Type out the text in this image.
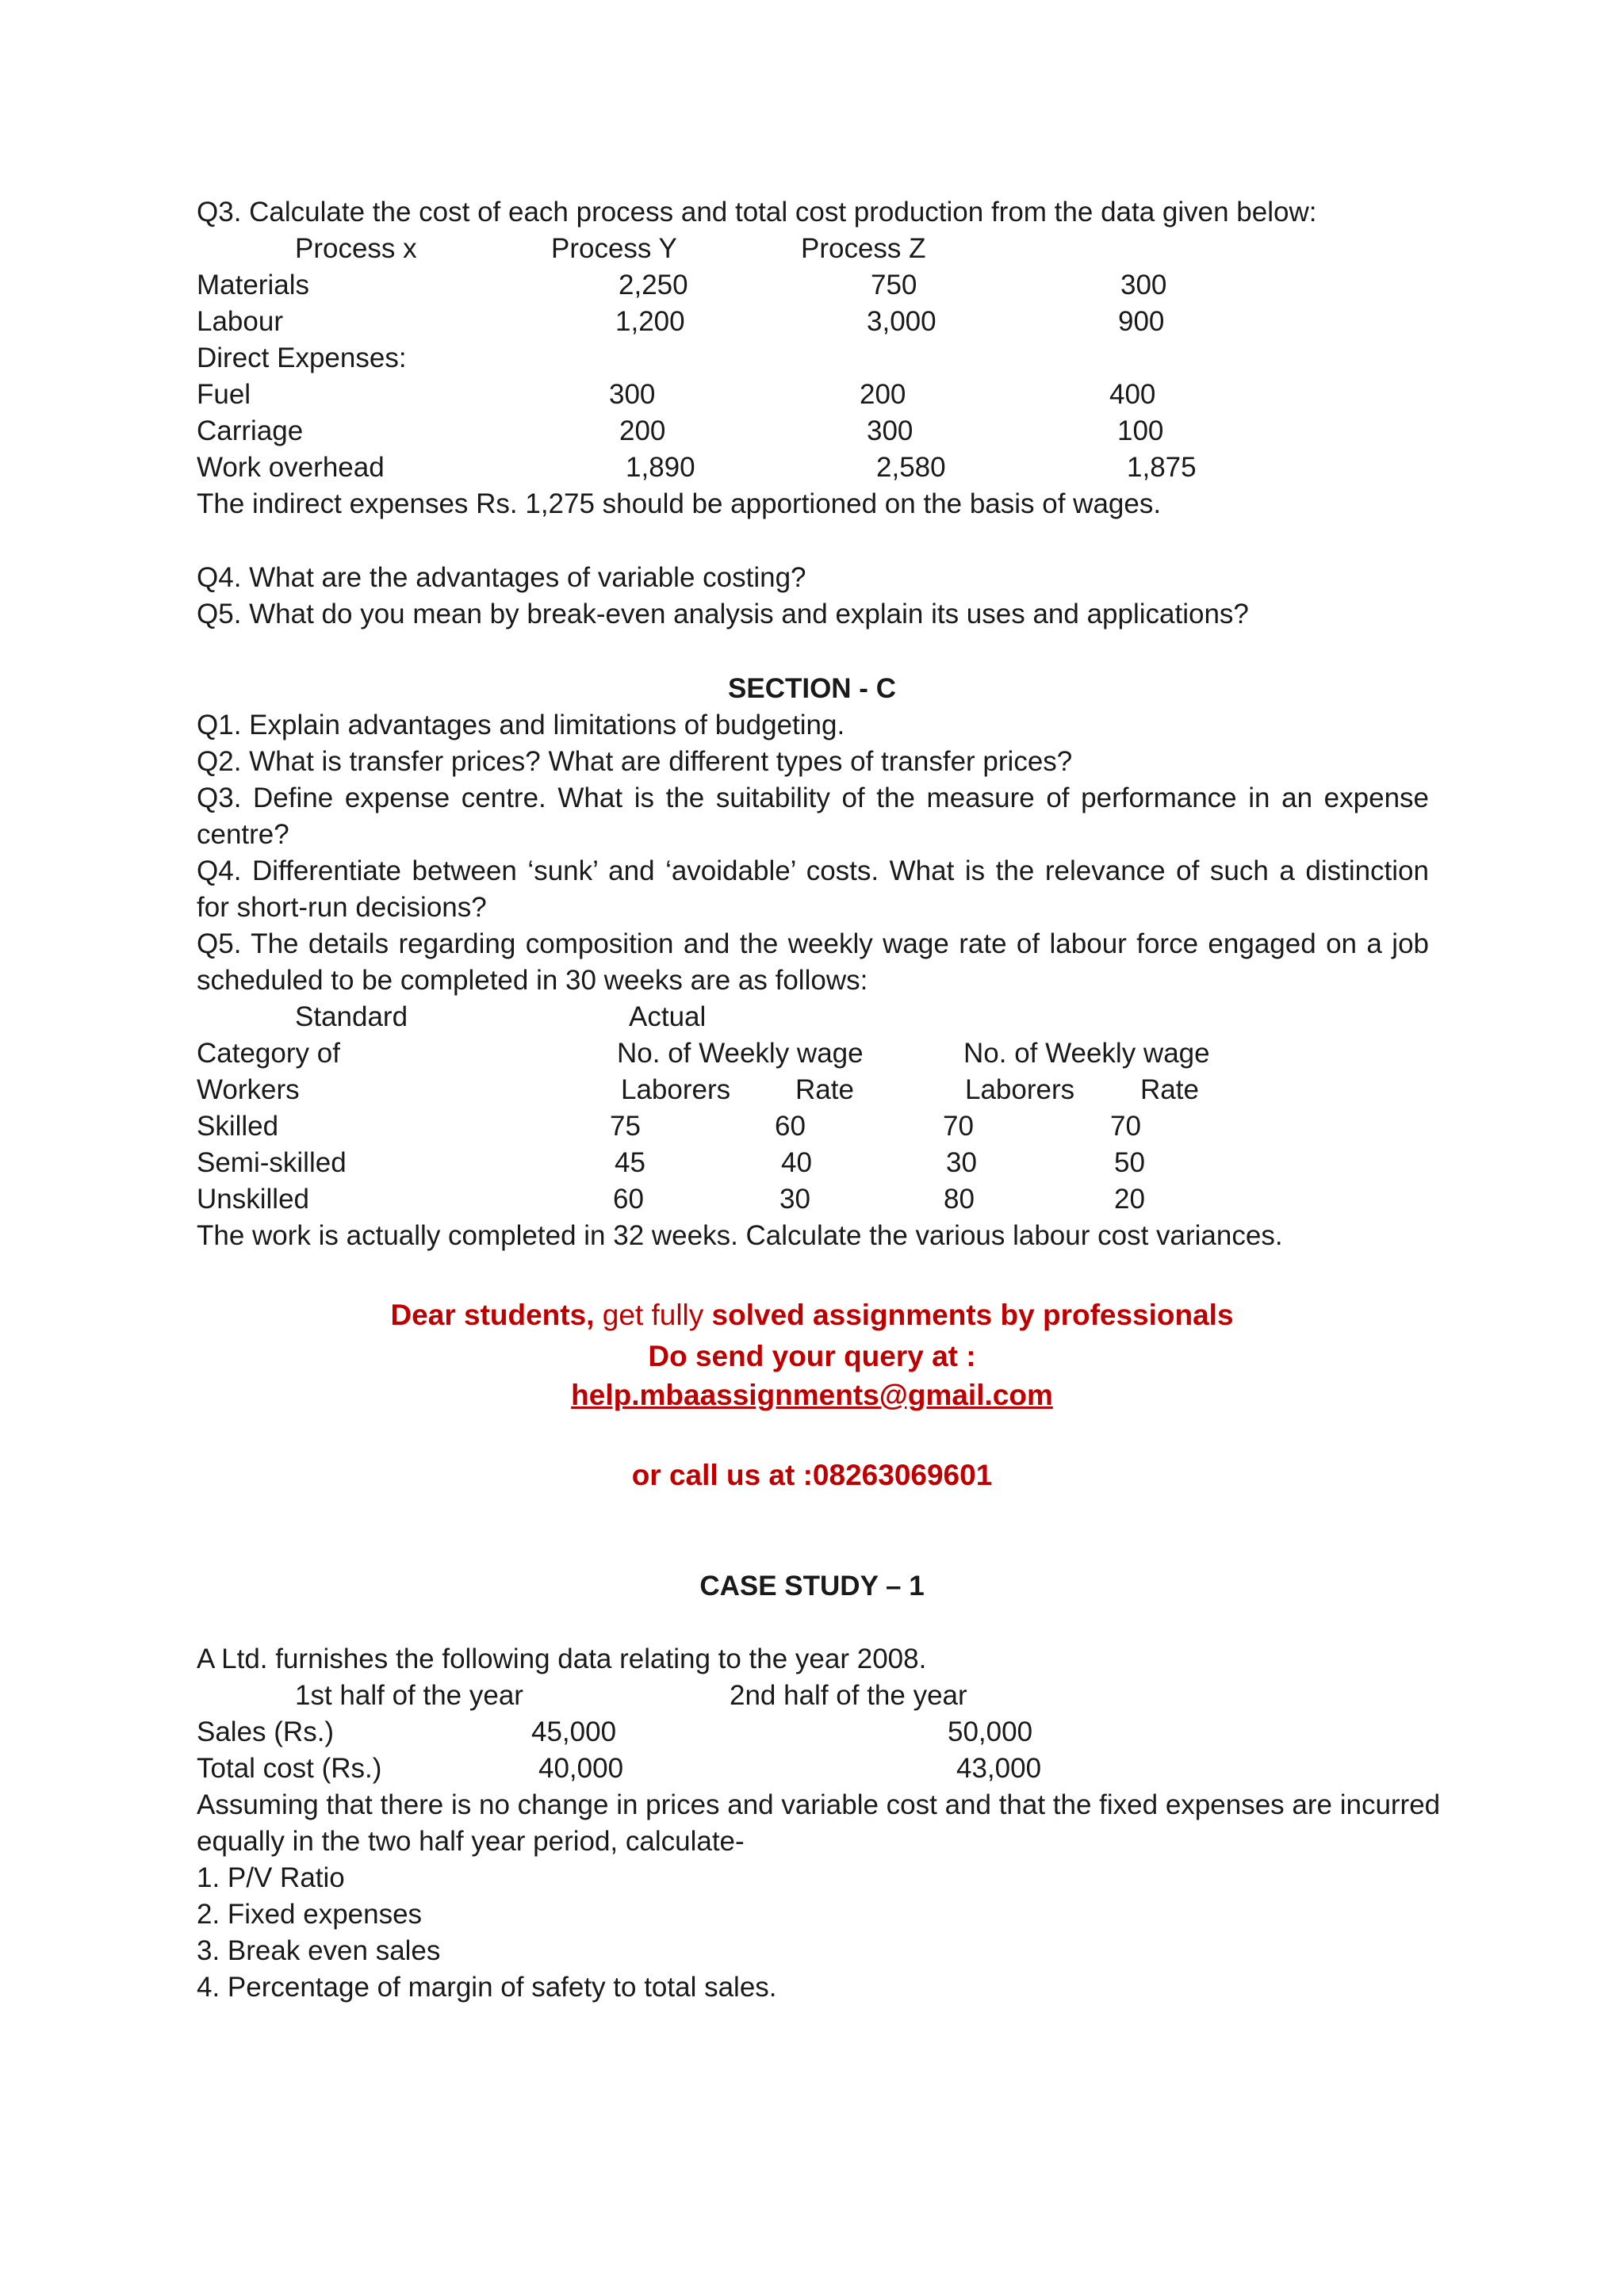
Q3. Calculate the cost of each process and total cost production from the data given below:
Process x	Process Y	Process Z
Materials	2,250	750	300
Labour	1,200	3,000	900
Direct Expenses:
Fuel	300	200	400
Carriage	200	300	100
Work overhead	1,890	2,580	1,875
The indirect expenses Rs. 1,275 should be apportioned on the basis of wages.
Q4. What are the advantages of variable costing?
Q5. What do you mean by break-even analysis and explain its uses and applications?
SECTION - C
Q1. Explain advantages and limitations of budgeting.
Q2. What is transfer prices? What are different types of transfer prices?
Q3. Define expense centre. What is the suitability of the measure of performance in an expense
centre?
Q4. Differentiate between ‘sunk’ and ‘avoidable’ costs. What is the relevance of such a distinction
for short-run decisions?
Q5. The details regarding composition and the weekly wage rate of labour force engaged on a job
scheduled to be completed in 30 weeks are as follows:
Standard	Actual
Category of	No. of Weekly wage	No. of Weekly wage
Workers	Laborers Rate	Laborers Rate
Skilled	75	60	70	70
Semi-skilled	45	40	30	50
Unskilled	60	30	80	20
The work is actually completed in 32 weeks. Calculate the various labour cost variances.
Dear students, get fully solved assignments by professionals
Do send your query at :
help.mbaassignments@gmail.com
or call us at :08263069601
CASE STUDY – 1
A Ltd. furnishes the following data relating to the year 2008.
1st half of the year	2nd half of the year
Sales (Rs.)	45,000	50,000
Total cost (Rs.)	40,000	43,000
Assuming that there is no change in prices and variable cost and that the fixed expenses are incurred
equally in the two half year period, calculate-
1. P/V Ratio
2. Fixed expenses
3. Break even sales
4. Percentage of margin of safety to total sales.
